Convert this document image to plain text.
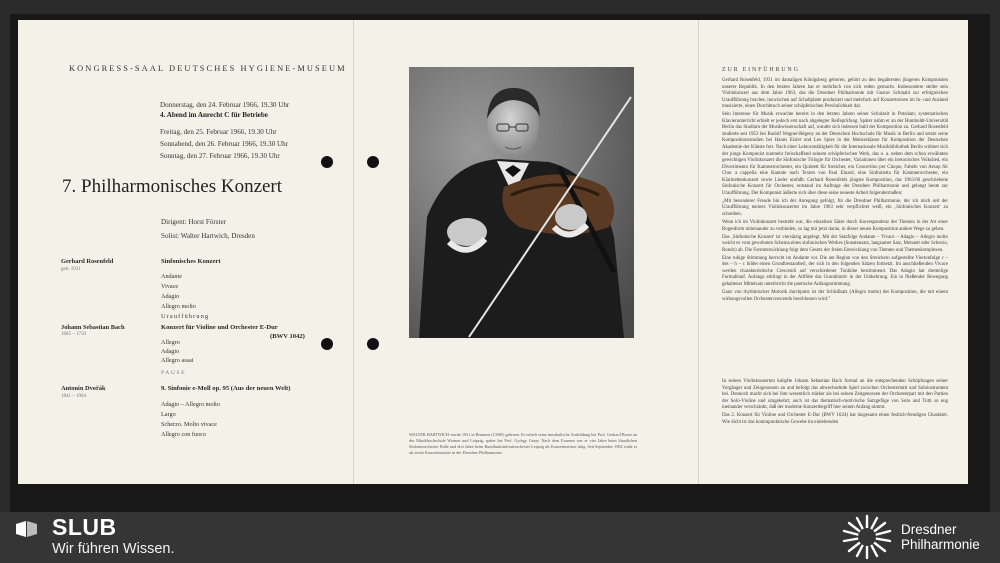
KONGRESS-SAAL DEUTSCHES HYGIENE-MUSEUM
Donnerstag, den 24. Februar 1966, 19.30 Uhr
4. Abend im Anrecht C für Betriebe
Freitag, den 25. Februar 1966, 19.30 Uhr
Sonnabend, den 26. Februar 1966, 19.30 Uhr
Sonntag, den 27. Februar 1966, 19.30 Uhr
7. Philharmonisches Konzert
Dirigent: Horst Förster
Solist: Walter Hartwich, Dresden
Gerhard Rosenfeld
geb. 1931
Sinfonisches Konzert
Andante
Vivace
Adagio
Allegro molto
Uraufführung
Johann Sebastian Bach
1685 – 1750
Konzert für Violine und Orchester E-Dur
(BWV 1042)
Allegro
Adagio
Allegro assai
PAUSE
Antonín Dvořák
1841 – 1904
9. Sinfonie e-Moll op. 95 (Aus der neuen Welt)
Adagio – Allegro molto
Largo
Scherzo. Molto vivace
Allegro con fuoco	WALTER HARTWICH wurde 1931 in Brunnen (CSSR) geboren. Er erhielt seine musikalische Ausbildung bei Prof. Gerhard Bosse an der Musikhochschule Weimar und Leipzig, später bei Prof. György Garay. Nach dem Examen war er vier Jahre beim Staatlichen Sinfonieorchester Halle und drei Jahre beim Rundfunksinfonieorchester Leipzig als Konzertmeister tätig. Seit September 1962 wirkt er als erster Konzertmeister in der Dresdner Philharmonie.
ZUR EINFÜHRUNG

Gerhard Rosenfeld, 1931 im damaligen Königsberg geboren, gehört zu den begabtesten jüngeren Komponisten unserer Republik. In den letzten Jahren hat er mehrfach von sich reden gemacht. Insbesondere stellte sein Violinkonzert aus dem Jahre 1963, das die Dresdner Philharmonie mit Gustav Schmahl zur erfolgreichen Uraufführung brachte, inzwischen auf Schallplatte produziert und mehrfach auf Konzertreisen im In- und Ausland musizierte, einen Durchbruch seiner schöpferischen Persönlichkeit dar.

Sein Interesse für Musik erwachte bereits in den letzten Jahren seiner Schulzeit in Potsdam; systematischen Klavierunterricht erhielt er jedoch erst nach abgelegter Reifeprüfung. Später nahm er an der Humboldt-Universität Berlin das Studium der Musikwissenschaft auf, wandte sich indessen bald der Komposition zu. Gerhard Rosenfeld studierte seit 1953 bei Rudolf Wagner-Régeny an der Deutschen Hochschule für Musik in Berlin und setzte seine Kompositionsstudien bei Hanns Eisler und Leo Spies in der Meisterklasse für Komposition der Deutschen Akademie der Künste fort. Nach einer Lektoratstätigkeit für die Internationale Musikbibliothek Berlin widmet sich der junge Komponist nunmehr freischaffend seinem schöpferischen Werk, das u. a. neben dem schon erwähnten gewichtigen Violinkonzert die Sinfonische Trilogie für Orchester, Variationen über ein bretonisches Volkslied, ein Divertimento für Kammerorchester, ein Quintett für Streicher, ein Concertino per Cinque, Fabeln von Aesop für Chor a cappella eine Kantate nach Texten von Paul Eluard, eine Sinfonietta für Kammerorchester, ein Klarinettenkonzert sowie Lieder umfaßt. Gerhard Rosenfelds jüngste Komposition, das 1965/66 geschriebene Sinfonische Konzert für Orchester, entstand im Auftrage der Dresdner Philharmonie und gelangt heute zur Uraufführung. Der Komponist äußerte sich über diese seine neueste Arbeit folgendermaßen:

„Mit besonderer Freude bin ich der Anregung gefolgt, für die Dresdner Philharmonie, der ich mich seit der Uraufführung meines Violinkonzertes im Jahre 1963 sehr verpflichtet weiß, ein ‚Sinfonisches Konzert' zu schreiben.

Wenn ich im Violinkonzert bestrebt war, die einzelnen Sätze durch Korrespondenz der Themen in der Art einer Bogenform miteinander zu verbinden, so lag mir jetzt daran, in dieser neuen Komposition andere Wege zu gehen.

Das ‚Sinfonische Konzert' ist viersätzig angelegt. Mit der Satzfolge Andante – Vivace – Adagio – Allegro molto weicht es vom gewohnten Schema eines sinfonischen Werkes (Sonatensatz, langsamer Satz, Menuett oder Scherzo, Rondo) ab. Die Formentwicklung folgt dem Gesetz der freien Entwicklung von Themen und Themenkomplexen.

Eine ruhige Stimmung herrscht im Andante vor. Die am Beginn von den Streichern aufgestellte Viertonfolge c – des – h – c bildet einen Grundbestandteil, der sich in den folgenden Sätzen fortsetzt. Im anschließenden Vivace werden charakteristische Crescendi auf verschiedener Tonhöhe bestimmend. Das Adagio hat dreiteilige Formablauf. Anfangs erklingt in der Altflöte das Grundmotiv in der Umkehrung. Ein in fließender Bewegung gehaltener Mittelsatz unterbricht die poetische Anfangsstimmung.

Ganz von rhythmischer Motorik durchpulst ist der Schlußsatz (Allegro molto) der Komposition, die mit einem wirkungsvollen Orchestercrescendo beschlossen wird."

In seinen Violinkonzerten knüpfte Johann Sebastian Bach formal an die entsprechenden Schöpfungen seiner Vorgänger und Zeitgenossen an und befolgt das abwechselnde Spiel zwischen Orchestertutti und Soloinstrument bei. Dennoch macht sich bei ihm wesentlich stärker als bei seinen Zeitgenossen der Orchesterpart mit den Partien der Solo-Violine und umgekehrt; auch ist das thematisch-motivische Satzgefüge von Solo und Tutti so eng ineinander verschränkt, daß der moderne Konzertbegriff hier seinen Anfang nimmt.

Das 2. Konzert für Violine und Orchester E-Dur (BWV 1024) hat insgesamt einen festlich-freudigen Charakter. Wie dicht ist das kontrapunktische Gewebe im einleitenden

SLUB
Wir führen Wissen.
Dresdner
Philharmonie
